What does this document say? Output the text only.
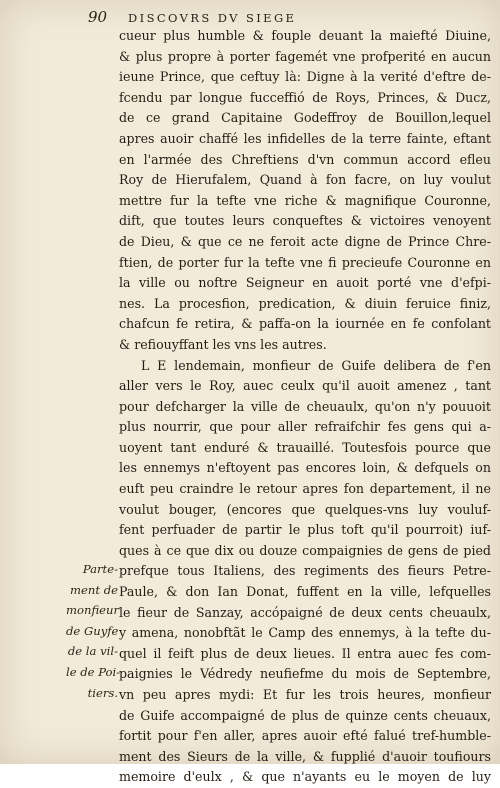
90 DISCOVRS DV SIEGE
cueur plus humble & fouple deuant la maiefté Diuine,
& plus propre à porter fagemét vne profperité en aucun
ieune Prince, que ceftuy là: Digne à la verité d'eftre de-
fcendu par longue fucceffió de Roys, Princes, & Ducz,
de ce grand Capitaine Godeffroy de Bouillon,lequel
apres auoir chaffé les infidelles de la terre fainte, eftant
en l'armée des Chreftiens d'vn commun accord efleu
Roy de Hierufalem, Quand à fon facre, on luy voulut
mettre fur la tefte vne riche & magnifique Couronne,
dift, que toutes leurs conqueftes & victoires venoyent
de Dieu, & que ce ne feroit acte digne de Prince Chre-
ftien, de porter fur la tefte vne fi precieufe Couronne en
la ville ou noftre Seigneur en auoit porté vne d'efpi-
nes. La procesfion, predication, & diuin feruice finiz,
chafcun fe retira, & paffa-on la iournée en fe confolant
& refiouyffant les vns les autres.
L E lendemain, monfieur de Guife delibera de f'en
aller vers le Roy, auec ceulx qu'il auoit amenez , tant
pour defcharger la ville de cheuaulx, qu'on n'y pouuoit
plus nourrir, que pour aller refraifchir fes gens qui a-
uoyent tant enduré & trauaillé. Toutesfois pource que
les ennemys n'eftoyent pas encores loin, & defquels on
euft peu craindre le retour apres fon departement, il ne
voulut bouger, (encores que quelques-vns luy vouluf-
fent perfuader de partir le plus toft qu'il pourroit) iuf-
ques à ce que dix ou douze compaignies de gens de pied
prefque tous Italiens, des regiments des fieurs Petre-
Paule, & don Ian Donat, fuffent en la ville, lefquelles
le fieur de Sanzay, accópaigné de deux cents cheuaulx,
y amena, nonobftãt le Camp des ennemys, à la tefte du-
quel il feift plus de deux lieues. Il entra auec fes com-
paignies le Védredy neufiefme du mois de Septembre,
vn peu apres mydi: Et fur les trois heures, monfieur
de Guife accompaigné de plus de quinze cents cheuaux,
fortit pour f'en aller, apres auoir efté falué tref-humble-
ment des Sieurs de la ville, & fupplié d'auoir toufiours
memoire d'eulx , & que n'ayants eu le moyen de luy
Parte-
ment de
monfieur
de Guyfe
de la vil-
le de Poi-
tiers.
